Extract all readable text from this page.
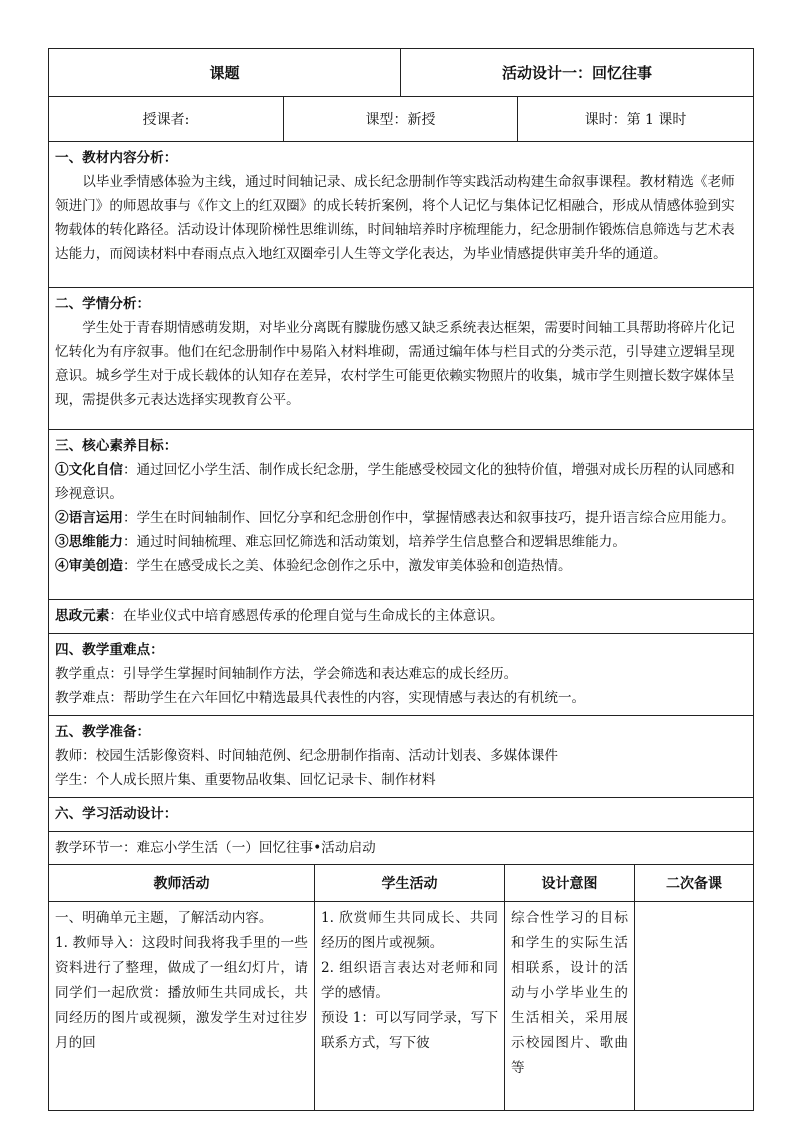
课题		活动设计一：回忆往事	
授课者:	课型：新授		课时：第 1 课时

一、教材内容分析：

以毕业季情感体验为主线，通过时间轴记录、成长纪念册制作等实践活动构建生命叙事课程。教材精选《老师领进门》的师恩故事与《作文上的红双圈》的成长转折案例，将个人记忆与集体记忆相融合，形成从情感体验到实物载体的转化路径。活动设计体现阶梯性思维训练，时间轴培养时序梳理能力，纪念册制作锻炼信息筛选与艺术表达能力，而阅读材料中春雨点点入地红双圈牵引人生等文学化表达，为毕业情感提供审美升华的通道。			

二、学情分析：

学生处于青春期情感萌发期，对毕业分离既有朦胧伤感又缺乏系统表达框架，需要时间轴工具帮助将碎片化记忆转化为有序叙事。他们在纪念册制作中易陷入材料堆砌，需通过编年体与栏目式的分类示范，引导建立逻辑呈现意识。城乡学生对于成长载体的认知存在差异，农村学生可能更依赖实物照片的收集，城市学生则擅长数字媒体呈现，需提供多元表达选择实现教育公平。			

三、核心素养目标：

①文化自信：通过回忆小学生活、制作成长纪念册，学生能感受校园文化的独特价值，增强对成长历程的认同感和珍视意识。

②语言运用：学生在时间轴制作、回忆分享和纪念册创作中，掌握情感表达和叙事技巧，提升语言综合应用能力。

③思维能力：通过时间轴梳理、难忘回忆筛选和活动策划，培养学生信息整合和逻辑思维能力。

④审美创造：学生在感受成长之美、体验纪念创作之乐中，激发审美体验和创造热情。			

思政元素：在毕业仪式中培育感恩传承的伦理自觉与生命成长的主体意识。			

四、教学重难点：

教学重点：引导学生掌握时间轴制作方法，学会筛选和表达难忘的成长经历。

教学难点：帮助学生在六年回忆中精选最具代表性的内容，实现情感与表达的有机统一。			

五、教学准备：

教师：校园生活影像资料、时间轴范例、纪念册制作指南、活动计划表、多媒体课件

学生：个人成长照片集、重要物品收集、回忆记录卡、制作材料			

六、学习活动设计：			

教学环节一：难忘小学生活（一）回忆往事•活动启动			
教师活动	学生活动	设计意图	二次备课

一、明确单元主题，了解活动内容。
1. 教师导入：这段时间我将我手里的一些资料进行了整理，做成了一组幻灯片，请同学们一起欣赏：播放师生共同成长，共同经历的图片或视频，激发学生对过往岁月的回	1. 欣赏师生共同成长、共同经历的图片或视频。
2. 组织语言表达对老师和同学的感情。
预设 1：可以写同学录，写下联系方式，写下彼	综合性学习的目标和学生的实际生活相联系，设计的活动与小学毕业生的生活相关，采用展示校园图片、歌曲等	
